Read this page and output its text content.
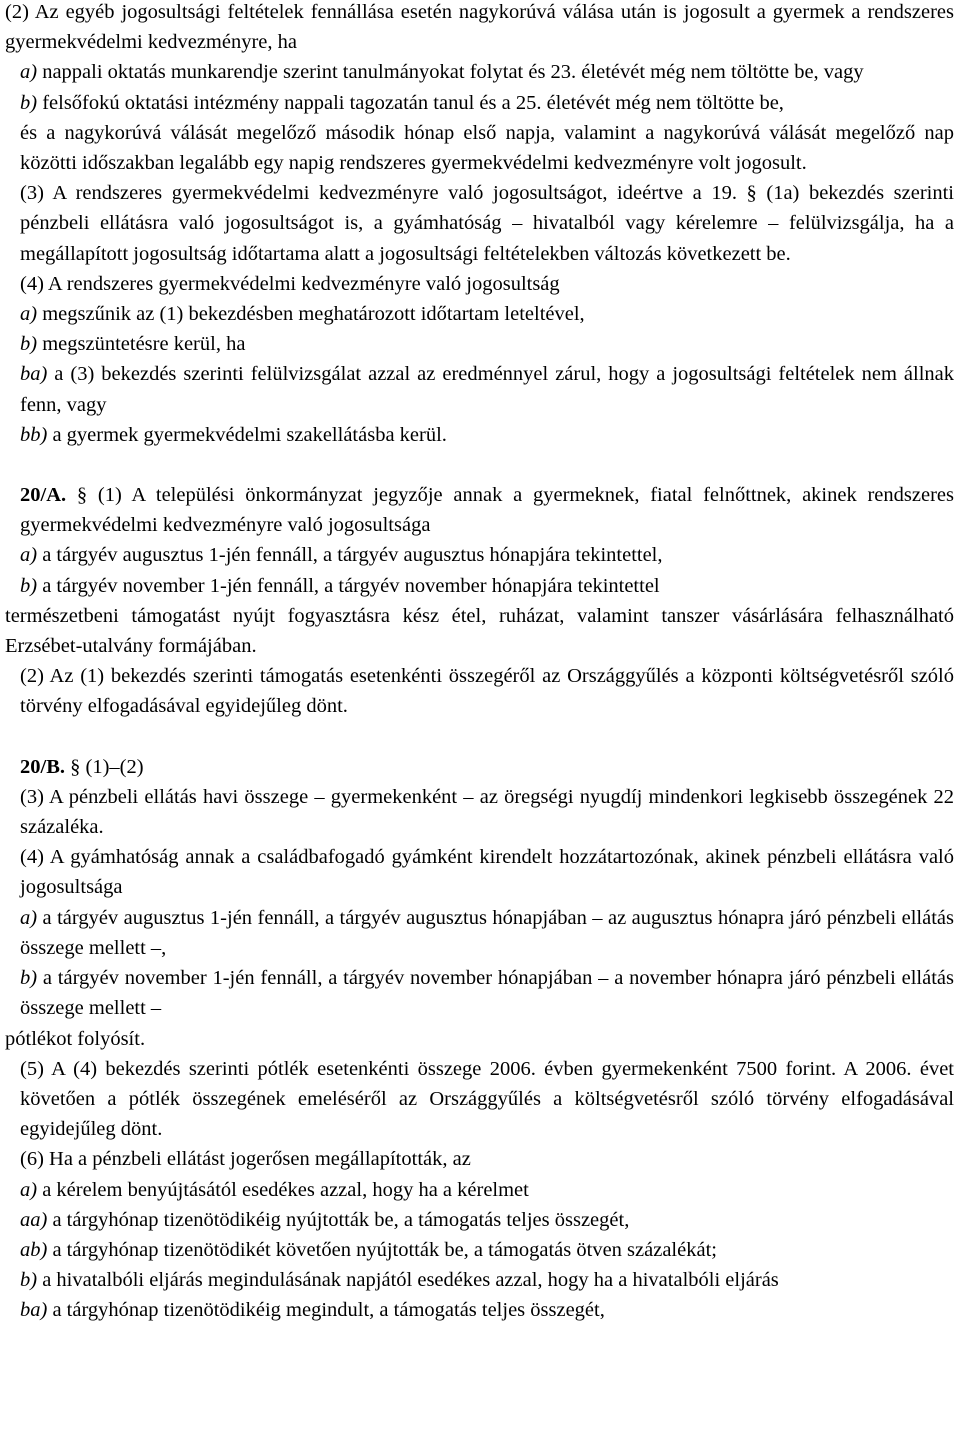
(2) Az egyéb jogosultsági feltételek fennállása esetén nagykorúvá válása után is jogosult a gyermek a rendszeres gyermekvédelmi kedvezményre, ha

a) nappali oktatás munkarendje szerint tanulmányokat folytat és 23. életévét még nem töltötte be, vagy

b) felsőfokú oktatási intézmény nappali tagozatán tanul és a 25. életévét még nem töltötte be,

és a nagykorúvá válását megelőző második hónap első napja, valamint a nagykorúvá válását megelőző nap közötti időszakban legalább egy napig rendszeres gyermekvédelmi kedvezményre volt jogosult.

(3) A rendszeres gyermekvédelmi kedvezményre való jogosultságot, ideértve a 19. § (1a) bekezdés szerinti pénzbeli ellátásra való jogosultságot is, a gyámhatóság – hivatalból vagy kérelemre – felülvizsgálja, ha a megállapított jogosultság időtartama alatt a jogosultsági feltételekben változás következett be.

(4) A rendszeres gyermekvédelmi kedvezményre való jogosultság

a) megszűnik az (1) bekezdésben meghatározott időtartam leteltével,

b) megszüntetésre kerül, ha

ba) a (3) bekezdés szerinti felülvizsgálat azzal az eredménnyel zárul, hogy a jogosultsági feltételek nem állnak fenn, vagy

bb) a gyermek gyermekvédelmi szakellátásba kerül.

20/A. § (1) A települési önkormányzat jegyzője annak a gyermeknek, fiatal felnőttnek, akinek rendszeres gyermekvédelmi kedvezményre való jogosultsága

a) a tárgyév augusztus 1-jén fennáll, a tárgyév augusztus hónapjára tekintettel,

b) a tárgyév november 1-jén fennáll, a tárgyév november hónapjára tekintettel

természetbeni támogatást nyújt fogyasztásra kész étel, ruházat, valamint tanszer vásárlására felhasználható Erzsébet-utalvány formájában.

(2) Az (1) bekezdés szerinti támogatás esetenkénti összegéről az Országgyűlés a központi költségvetésről szóló törvény elfogadásával egyidejűleg dönt.

20/B. § (1)–(2)

(3) A pénzbeli ellátás havi összege – gyermekenként – az öregségi nyugdíj mindenkori legkisebb összegének 22 százaléka.

(4) A gyámhatóság annak a családbafogadó gyámként kirendelt hozzátartozónak, akinek pénzbeli ellátásra való jogosultsága

a) a tárgyév augusztus 1-jén fennáll, a tárgyév augusztus hónapjában – az augusztus hónapra járó pénzbeli ellátás összege mellett –,

b) a tárgyév november 1-jén fennáll, a tárgyév november hónapjában – a november hónapra járó pénzbeli ellátás összege mellett –

pótlékot folyósít.

(5) A (4) bekezdés szerinti pótlék esetenkénti összege 2006. évben gyermekenként 7500 forint. A 2006. évet követően a pótlék összegének emeléséről az Országgyűlés a költségvetésről szóló törvény elfogadásával egyidejűleg dönt.

(6) Ha a pénzbeli ellátást jogerősen megállapították, az

a) a kérelem benyújtásától esedékes azzal, hogy ha a kérelmet

aa) a tárgyhónap tizenötödikéig nyújtották be, a támogatás teljes összegét,

ab) a tárgyhónap tizenötödikét követően nyújtották be, a támogatás ötven százalékát;

b) a hivatalbóli eljárás megindulásának napjától esedékes azzal, hogy ha a hivatalbóli eljárás

ba) a tárgyhónap tizenötödikéig megindult, a támogatás teljes összegét,
